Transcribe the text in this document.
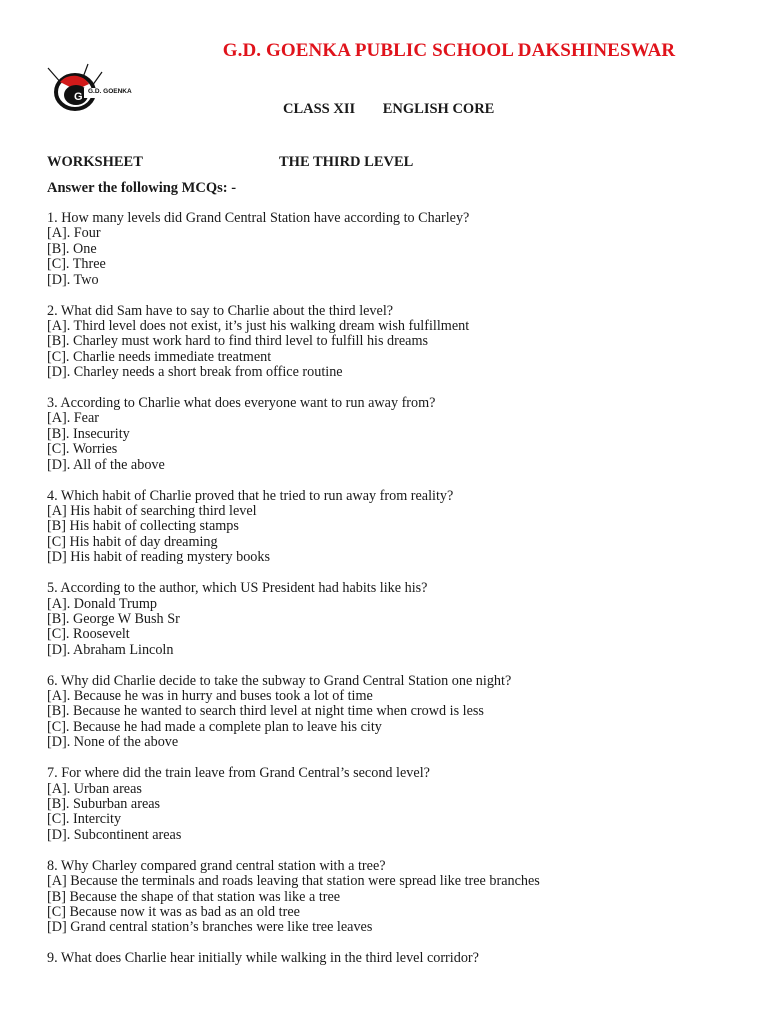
G G.D. GOENKA
G.D. GOENKA PUBLIC SCHOOL DAKSHINESWAR
CLASS XII ENGLISH CORE
WORKSHEET	THE THIRD LEVEL
Answer the following MCQs: -
1. How many levels did Grand Central Station have according to Charley?
[A]. Four
[B]. One
[C]. Three
[D]. Two
2. What did Sam have to say to Charlie about the third level?
[A]. Third level does not exist, it’s just his walking dream wish fulfillment
[B]. Charley must work hard to find third level to fulfill his dreams
[C]. Charlie needs immediate treatment
[D]. Charley needs a short break from office routine
3. According to Charlie what does everyone want to run away from?
[A]. Fear
[B]. Insecurity
[C]. Worries
[D]. All of the above
4. Which habit of Charlie proved that he tried to run away from reality?
[A] His habit of searching third level
[B] His habit of collecting stamps
[C] His habit of day dreaming
[D] His habit of reading mystery books
5. According to the author, which US President had habits like his?
[A]. Donald Trump
[B]. George W Bush Sr
[C]. Roosevelt
[D]. Abraham Lincoln
6. Why did Charlie decide to take the subway to Grand Central Station one night?
[A]. Because he was in hurry and buses took a lot of time
[B]. Because he wanted to search third level at night time when crowd is less
[C]. Because he had made a complete plan to leave his city
[D]. None of the above
7. For where did the train leave from Grand Central’s second level?
[A]. Urban areas
[B]. Suburban areas
[C]. Intercity
[D]. Subcontinent areas
8. Why Charley compared grand central station with a tree?
[A] Because the terminals and roads leaving that station were spread like tree branches
[B] Because the shape of that station was like a tree
[C] Because now it was as bad as an old tree
[D] Grand central station’s branches were like tree leaves
9. What does Charlie hear initially while walking in the third level corridor?
